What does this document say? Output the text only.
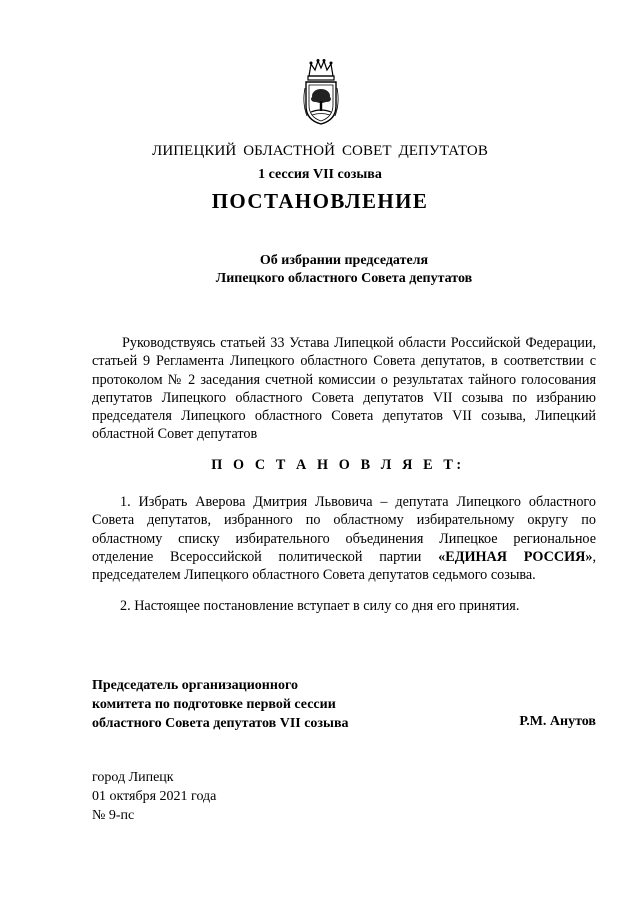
ЛИПЕЦКИЙ ОБЛАСТНОЙ СОВЕТ ДЕПУТАТОВ
1 сессия VII созыва
ПОСТАНОВЛЕНИЕ
Об избрании председателя
Липецкого областного Совета депутатов
Руководствуясь статьей 33 Устава Липецкой области Российской Федерации, статьей 9 Регламента Липецкого областного Совета депутатов, в соответствии с протоколом № 2 заседания счетной комиссии о результатах тайного голосования депутатов Липецкого областного Совета депутатов VII созыва по избранию председателя Липецкого областного Совета депутатов VII созыва, Липецкий областной Совет депутатов
П О С Т А Н О В Л Я Е Т:
1. Избрать Аверова Дмитрия Львовича – депутата Липецкого областного Совета депутатов, избранного по областному избирательному округу по областному списку избирательного объединения Липецкое региональное отделение Всероссийской политической партии «ЕДИНАЯ РОССИЯ», председателем Липецкого областного Совета депутатов седьмого созыва.
2. Настоящее постановление вступает в силу со дня его принятия.
Председатель организационного
комитета по подготовке первой сессии
областного Совета депутатов VII созыва	Р.М. Анутов
город Липецк
01 октября 2021 года
№ 9-пс
